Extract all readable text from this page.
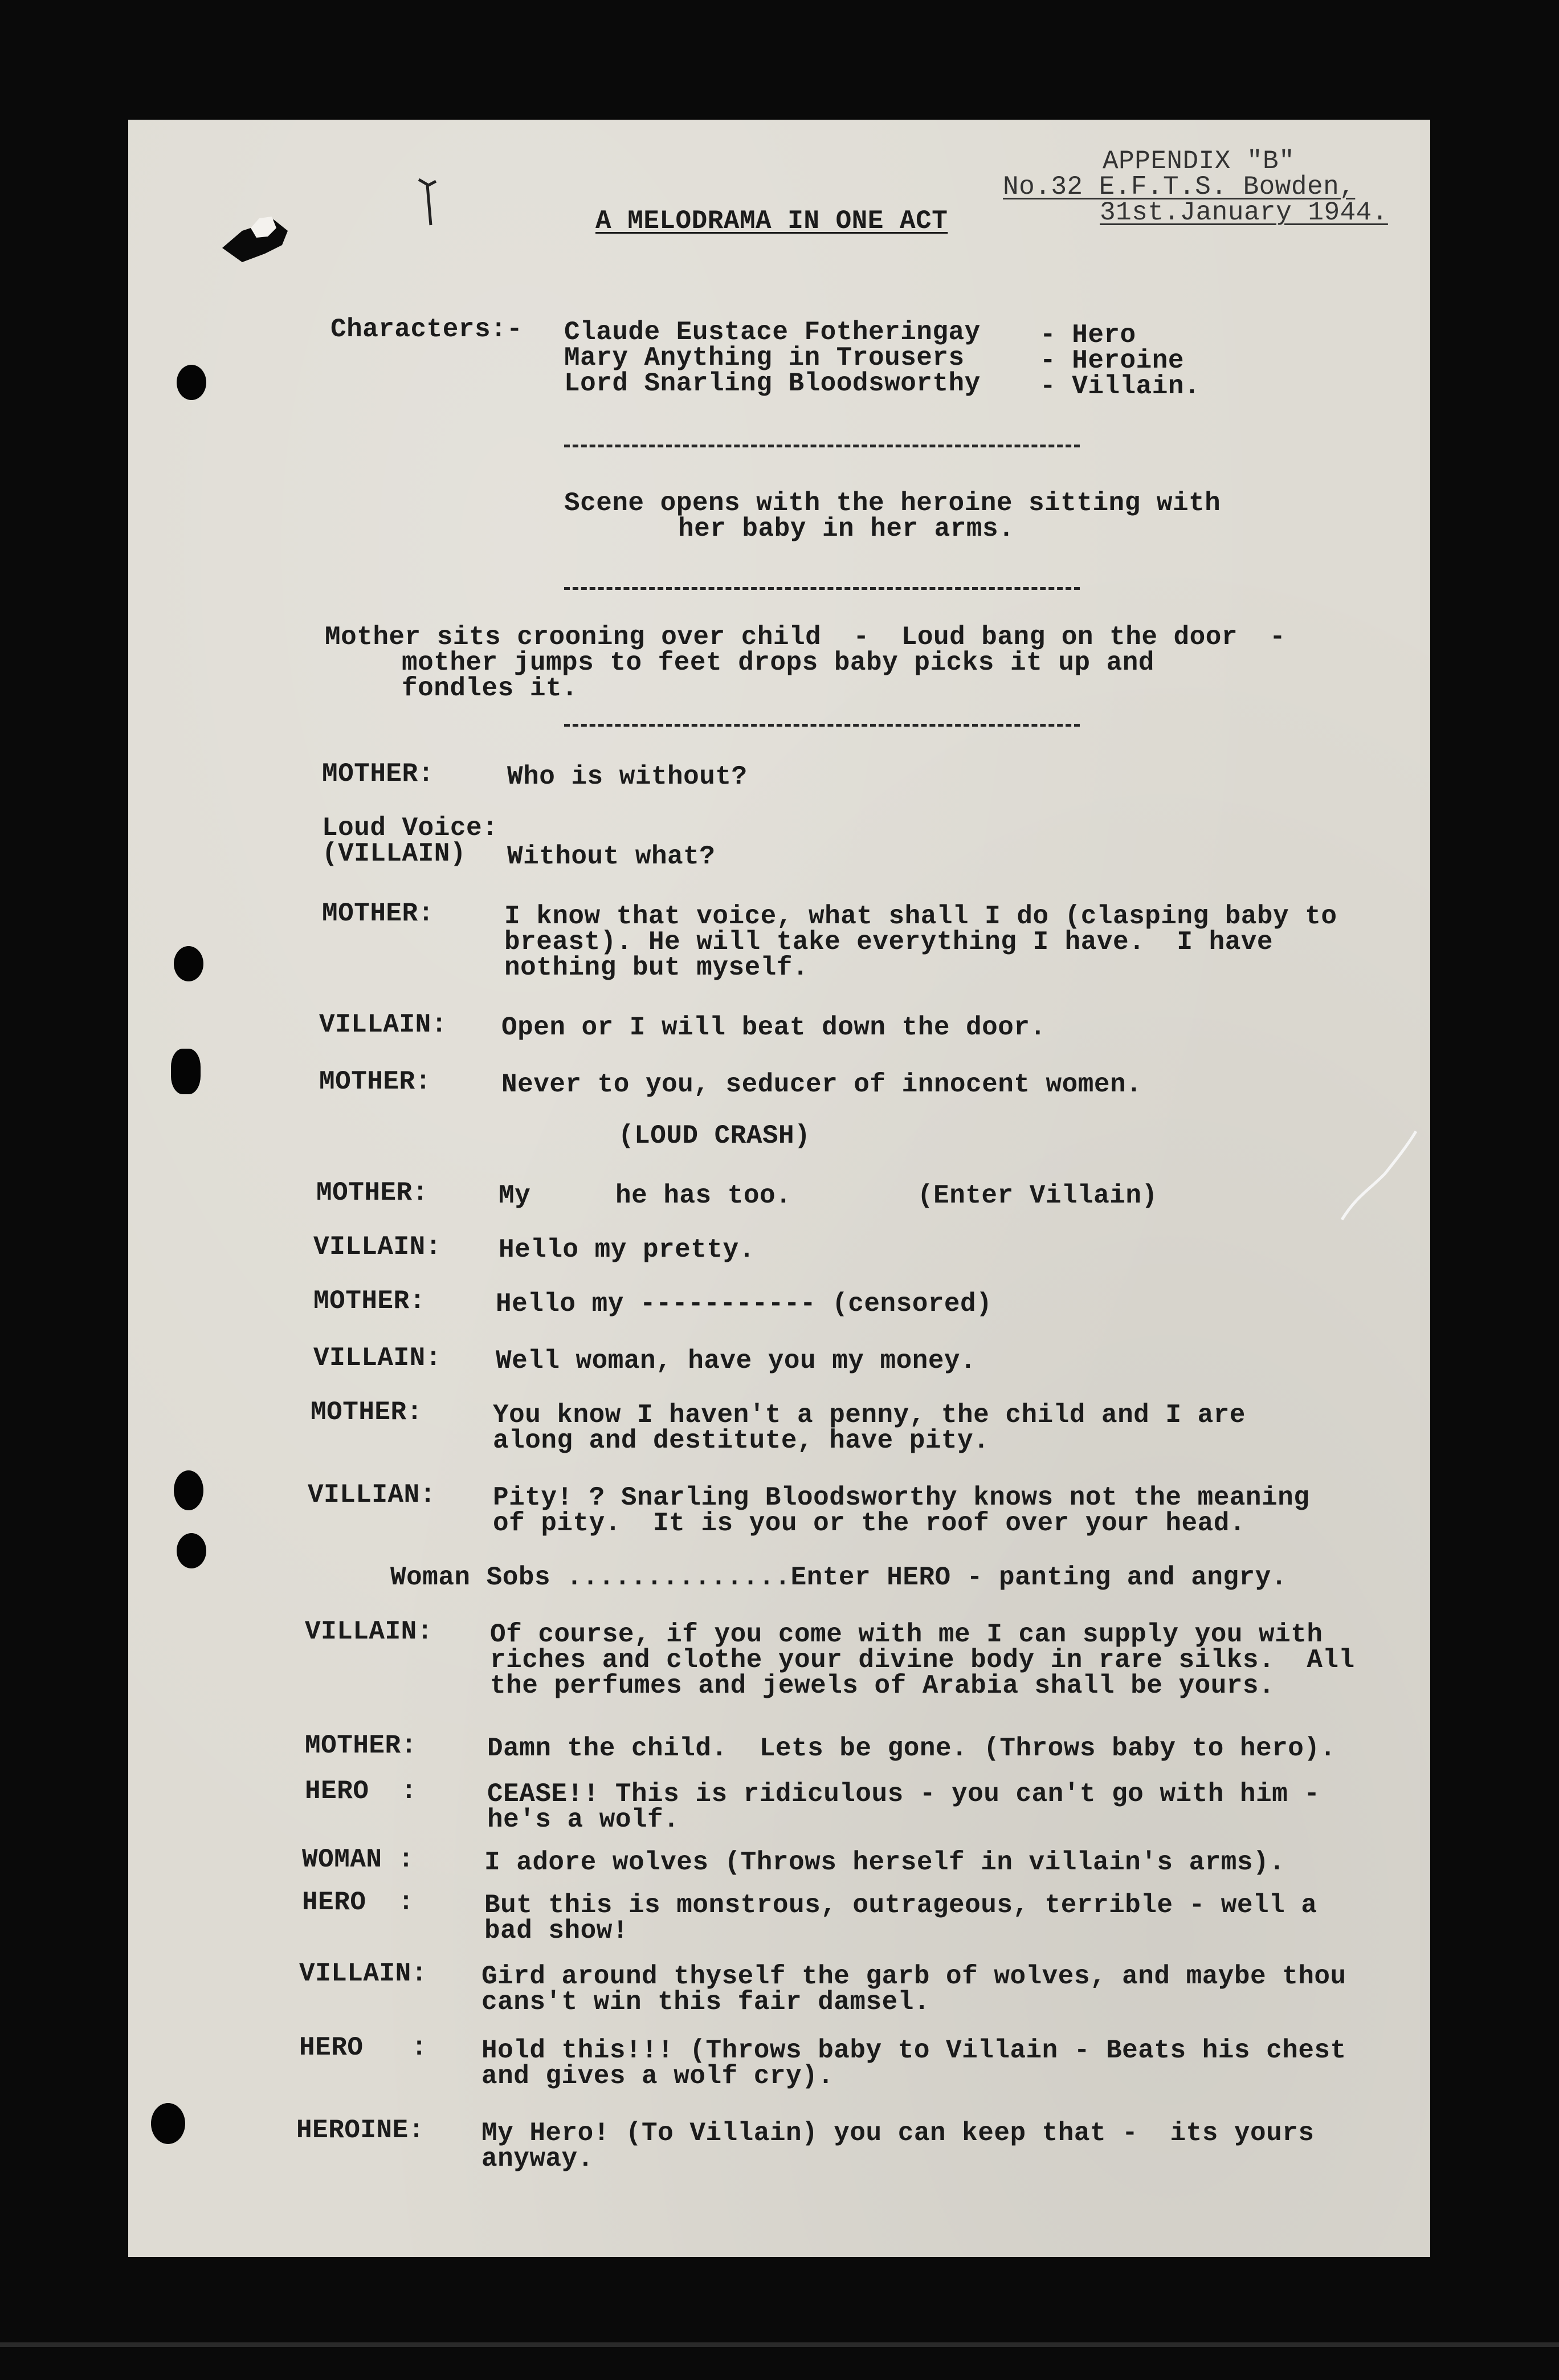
APPENDIX "B"
No.32 E.F.T.S. Bowden,
31st.January 1944.
A MELODRAMA IN ONE ACT
Characters:- Claude Eustace Fotheringay - Hero
Mary Anything in Trousers	- Heroine
Lord Snarling Bloodsworthy - Villain.
Scene opens with the heroine sitting with
her baby in her arms.
Mother sits crooning over child  -  Loud bang on the door  -
mother jumps to feet drops baby picks it up and
fondles it.
MOTHER:	Who is without?
Loud Voice:
(VILLAIN) Without what?
MOTHER:	I know that voice, what shall I do (clasping baby to
breast). He will take everything I have.  I have
nothing but myself.
VILLAIN: Open or I will beat down the door.
MOTHER:	Never to you, seducer of innocent women.
(LOUD CRASH)
MOTHER:	My	he has too.	(Enter Villain)
VILLAIN: Hello my pretty.
MOTHER:	Hello my ----------- (censored)
VILLAIN: Well woman, have you my money.
MOTHER:	You know I haven't a penny, the child and I are
along and destitute, have pity.
VILLIAN: Pity! ? Snarling Bloodsworthy knows not the meaning
of pity.  It is you or the roof over your head.
Woman Sobs ..............Enter HERO - panting and angry.
VILLAIN: Of course, if you come with me I can supply you with
riches and clothe your divine body in rare silks.  All
the perfumes and jewels of Arabia shall be yours.
MOTHER:	Damn the child.  Lets be gone. (Throws baby to hero).
HERO  :	CEASE!! This is ridiculous - you can't go with him -
he's a wolf.
WOMAN :	I adore wolves (Throws herself in villain's arms).
HERO  :	But this is monstrous, outrageous, terrible - well a
bad show!
VILLAIN: Gird around thyself the garb of wolves, and maybe thou
cans't win this fair damsel.
HERO   : Hold this!!! (Throws baby to Villain - Beats his chest
and gives a wolf cry).
HEROINE: My Hero! (To Villain) you can keep that -  its yours
anyway.
